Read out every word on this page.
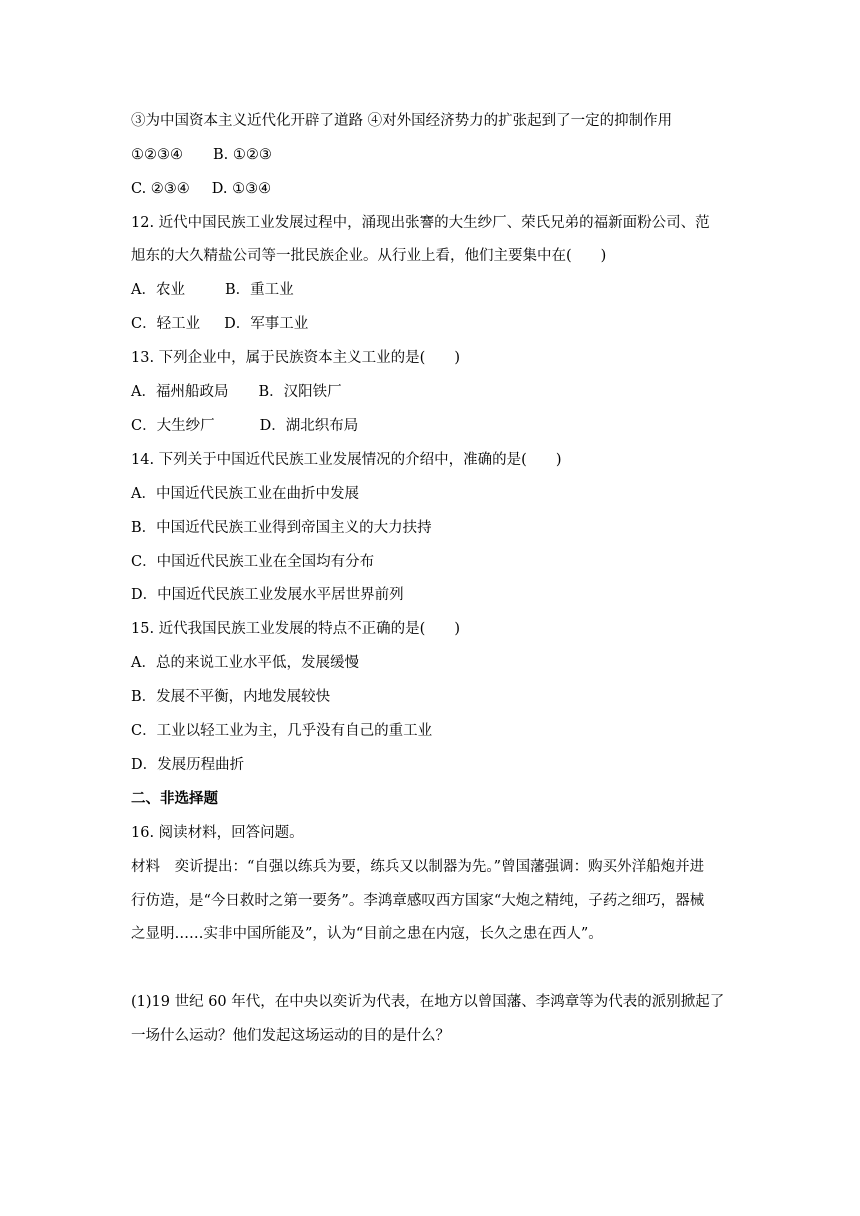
③为中国资本主义近代化开辟了道路 ④对外国经济势力的扩张起到了一定的抑制作用
①②③④ B. ①②③
C. ②③④ D. ①③④
12. 近代中国民族工业发展过程中，涌现出张謇的大生纱厂、荣氏兄弟的福新面粉公司、范
旭东的大久精盐公司等一批民族企业。从行业上看，他们主要集中在(　　)
A．农业	B．重工业
C．轻工业 D．军事工业
13. 下列企业中，属于民族资本主义工业的是(　　)
A．福州船政局 B．汉阳铁厂
C．大生纱厂	D．湖北织布局
14. 下列关于中国近代民族工业发展情况的介绍中，准确的是(　　)
A．中国近代民族工业在曲折中发展
B．中国近代民族工业得到帝国主义的大力扶持
C．中国近代民族工业在全国均有分布
D．中国近代民族工业发展水平居世界前列
15. 近代我国民族工业发展的特点不正确的是(　　)
A．总的来说工业水平低，发展缓慢
B．发展不平衡，内地发展较快
C．工业以轻工业为主，几乎没有自己的重工业
D．发展历程曲折
二、非选择题
16. 阅读材料，回答问题。
材料　奕䜣提出：“自强以练兵为要，练兵又以制器为先。”曾国藩强调：购买外洋船炮并进
行仿造，是“今日救时之第一要务”。李鸿章感叹西方国家“大炮之精纯，子药之细巧，器械
之显明……实非中国所能及”，认为“目前之患在内寇，长久之患在西人”。
(1)19 世纪 60 年代，在中央以奕䜣为代表，在地方以曾国藩、李鸿章等为代表的派别掀起了
一场什么运动？他们发起这场运动的目的是什么？
